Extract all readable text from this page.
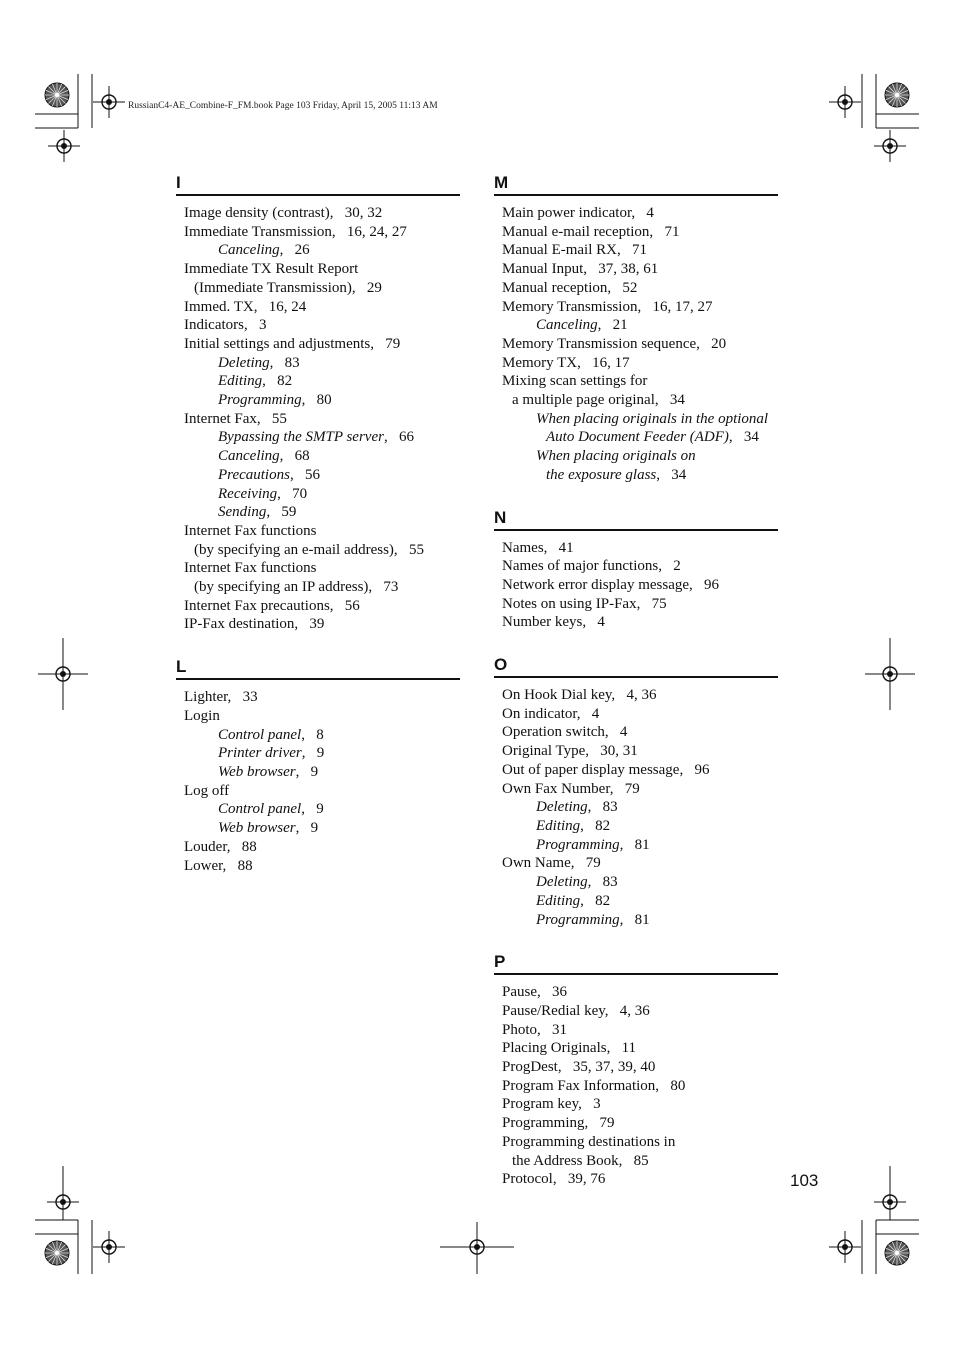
RussianC4-AE_Combine-F_FM.book Page 103 Friday, April 15, 2005 11:13 AM
I
Image density (contrast), 30, 32
Immediate Transmission, 16, 24, 27
Canceling, 26
Immediate TX Result Report
(Immediate Transmission), 29
Immed. TX, 16, 24
Indicators, 3
Initial settings and adjustments, 79
Deleting, 83
Editing, 82
Programming, 80
Internet Fax, 55
Bypassing the SMTP server, 66
Canceling, 68
Precautions, 56
Receiving, 70
Sending, 59
Internet Fax functions
(by specifying an e-mail address), 55
Internet Fax functions
(by specifying an IP address), 73
Internet Fax precautions, 56
IP-Fax destination, 39
L
Lighter, 33
Login
Control panel, 8
Printer driver, 9
Web browser, 9
Log off
Control panel, 9
Web browser, 9
Louder, 88
Lower, 88
M
Main power indicator, 4
Manual e-mail reception, 71
Manual E-mail RX, 71
Manual Input, 37, 38, 61
Manual reception, 52
Memory Transmission, 16, 17, 27
Canceling, 21
Memory Transmission sequence, 20
Memory TX, 16, 17
Mixing scan settings for
a multiple page original, 34
When placing originals in the optional
Auto Document Feeder (ADF), 34
When placing originals on
the exposure glass, 34
N
Names, 41
Names of major functions, 2
Network error display message, 96
Notes on using IP-Fax, 75
Number keys, 4
O
On Hook Dial key, 4, 36
On indicator, 4
Operation switch, 4
Original Type, 30, 31
Out of paper display message, 96
Own Fax Number, 79
Deleting, 83
Editing, 82
Programming, 81
Own Name, 79
Deleting, 83
Editing, 82
Programming, 81
P
Pause, 36
Pause/Redial key, 4, 36
Photo, 31
Placing Originals, 11
ProgDest, 35, 37, 39, 40
Program Fax Information, 80
Program key, 3
Programming, 79
Programming destinations in
the Address Book, 85
Protocol, 39, 76	103
